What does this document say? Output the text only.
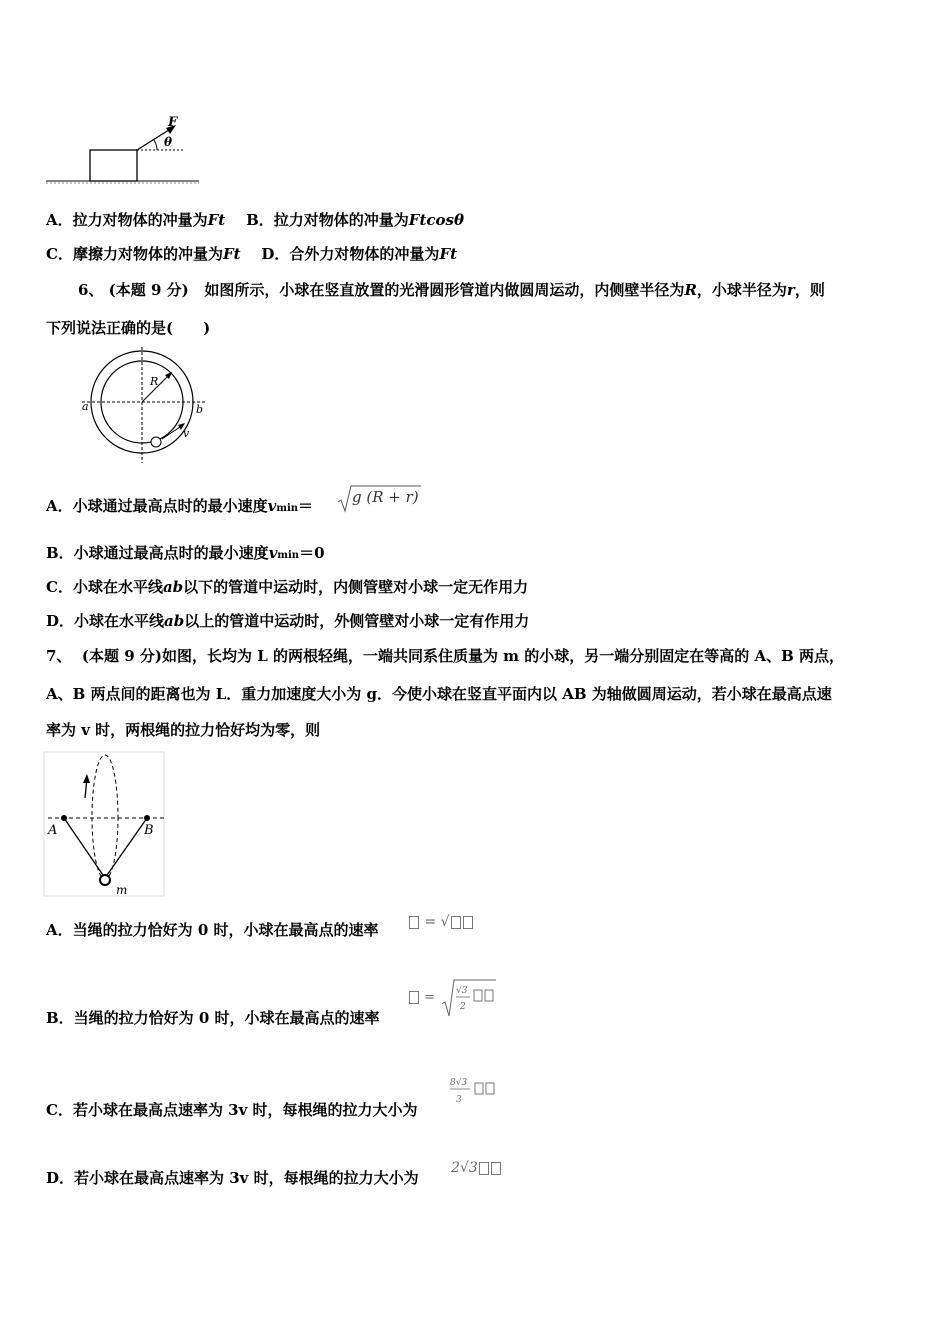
F
θ
A．拉力对物体的冲量为Ft B．拉力对物体的冲量为Ftcosθ
C．摩擦力对物体的冲量为Ft D．合外力对物体的冲量为Ft
6、 (本题 9 分) 如图所示，小球在竖直放置的光滑圆形管道内做圆周运动，内侧壁半径为R，小球半径为r，则
下列说法正确的是(　　)
R
a	b
v
A．小球通过最高点时的最小速度vmin＝	g (R + r)
B．小球通过最高点时的最小速度vmin＝0
C．小球在水平线ab以下的管道中运动时，内侧管壁对小球一定无作用力
D．小球在水平线ab以上的管道中运动时，外侧管壁对小球一定有作用力
7、 (本题 9 分)如图，长均为 L 的两根轻绳，一端共同系住质量为 m 的小球，另一端分别固定在等高的 A、B 两点，
A、B 两点间的距离也为 L．重力加速度大小为 g．今使小球在竖直平面内以 AB 为轴做圆周运动，若小球在最高点速
率为 v 时，两根绳的拉力恰好均为零，则
A	B
m
A．当绳的拉力恰好为 0 时，小球在最高点的速率	= √
B．当绳的拉力恰好为 0 时，小球在最高点的速率
= √3
2
C．若小球在最高点速率为 3v 时，每根绳的拉力大小为
8√3
3
D．若小球在最高点速率为 3v 时，每根绳的拉力大小为
2√3
